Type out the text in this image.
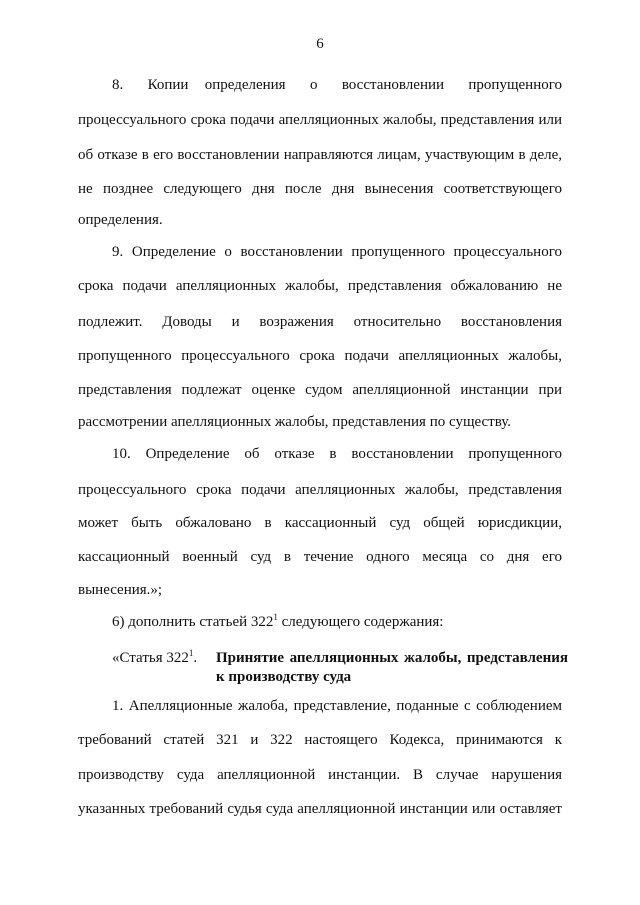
6
8.   Копии  определения   о   восстановлении   пропущенного
процессуального срока подачи апелляционных жалобы, представления или
об отказе в его восстановлении направляются лицам, участвующим в деле,
не позднее следующего дня после дня вынесения соответствующего
определения.
9. Определение о восстановлении пропущенного процессуального
срока подачи апелляционных жалобы, представления обжалованию не
подлежит. Доводы и возражения относительно восстановления
пропущенного процессуального срока подачи апелляционных жалобы,
представления подлежат оценке судом апелляционной инстанции при
рассмотрении апелляционных жалобы, представления по существу.
10. Определение об отказе в восстановлении пропущенного
процессуального срока подачи апелляционных жалобы, представления
может быть обжаловано в кассационный суд общей юрисдикции,
кассационный военный суд в течение одного месяца со дня его
вынесения.»;
6) дополнить статьей $322^1$ следующего содержания:
«Статья $322^1$. Принятие апелляционных жалобы, представления к производству суда
1. Апелляционные жалоба, представление, поданные с соблюдением
требований статей 321 и 322 настоящего Кодекса, принимаются к
производству суда апелляционной инстанции. В случае нарушения
указанных требований судья суда апелляционной инстанции или оставляет
